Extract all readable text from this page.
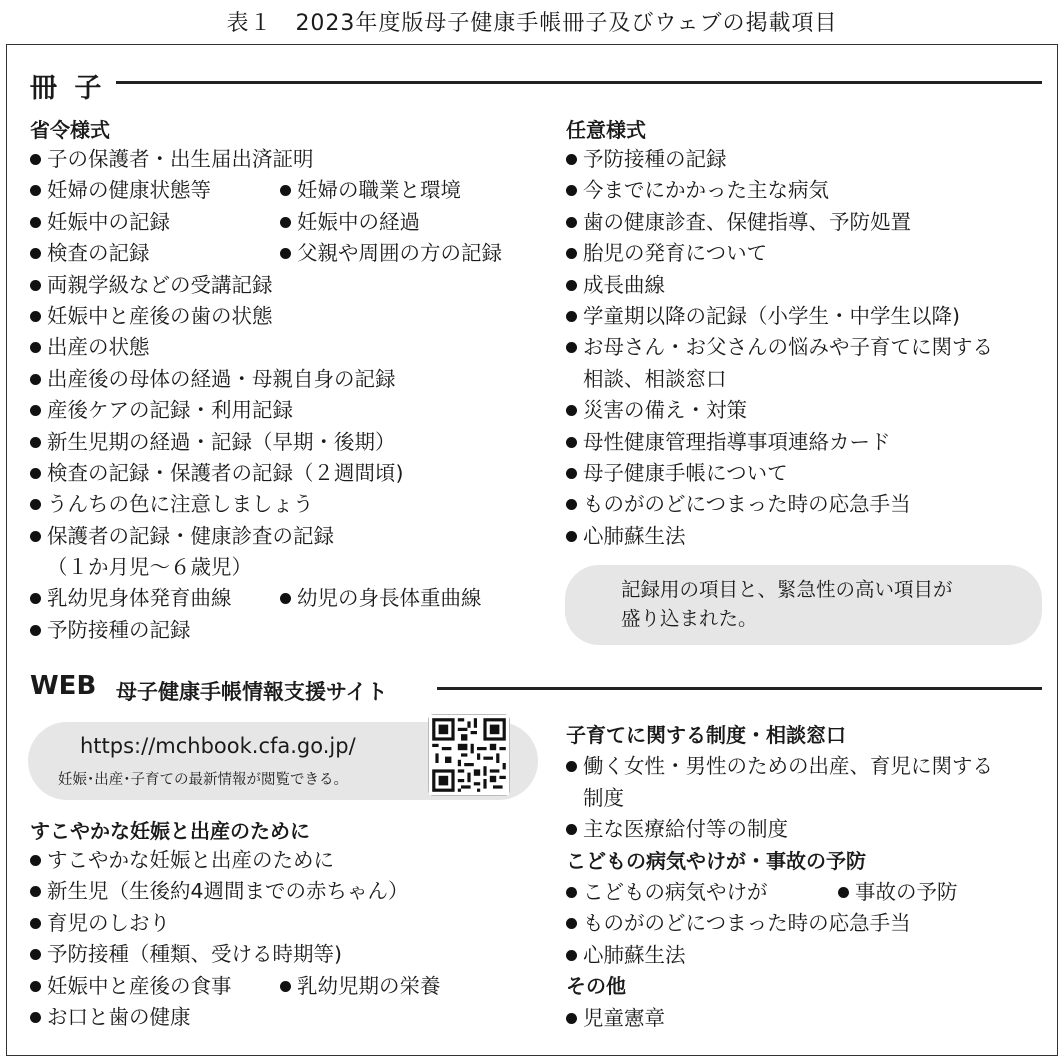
表１　2023年度版母子健康手帳冊子及びウェブの掲載項目
冊 子
省令様式
子の保護者・出生届出済証明
妊婦の健康状態等	妊婦の職業と環境
妊娠中の記録	妊娠中の経過
検査の記録	父親や周囲の方の記録
両親学級などの受講記録
妊娠中と産後の歯の状態
出産の状態
出産後の母体の経過・母親自身の記録
産後ケアの記録・利用記録
新生児期の経過・記録（早期・後期）
検査の記録・保護者の記録（２週間頃)
うんちの色に注意しましょう
保護者の記録・健康診査の記録
（１か月児～６歳児）
乳幼児身体発育曲線	幼児の身長体重曲線
予防接種の記録
任意様式
予防接種の記録
今までにかかった主な病気
歯の健康診査、保健指導、予防処置
胎児の発育について
成長曲線
学童期以降の記録（小学生・中学生以降)
お母さん・お父さんの悩みや子育てに関する
相談、相談窓口
災害の備え・対策
母性健康管理指導事項連絡カード
母子健康手帳について
ものがのどにつまった時の応急手当
心肺蘇生法
記録用の項目と、緊急性の高い項目が
盛り込まれた。
WEB 母子健康手帳情報支援サイト
https://mchbook.cfa.go.jp/
妊娠･出産･子育ての最新情報が閲覧できる。
すこやかな妊娠と出産のために
すこやかな妊娠と出産のために
新生児（生後約4週間までの赤ちゃん）
育児のしおり
予防接種（種類、受ける時期等)
妊娠中と産後の食事	乳幼児期の栄養
お口と歯の健康
子育てに関する制度・相談窓口
働く女性・男性のための出産、育児に関する
制度
主な医療給付等の制度
こどもの病気やけが・事故の予防
こどもの病気やけが	事故の予防
ものがのどにつまった時の応急手当
心肺蘇生法
その他
児童憲章
